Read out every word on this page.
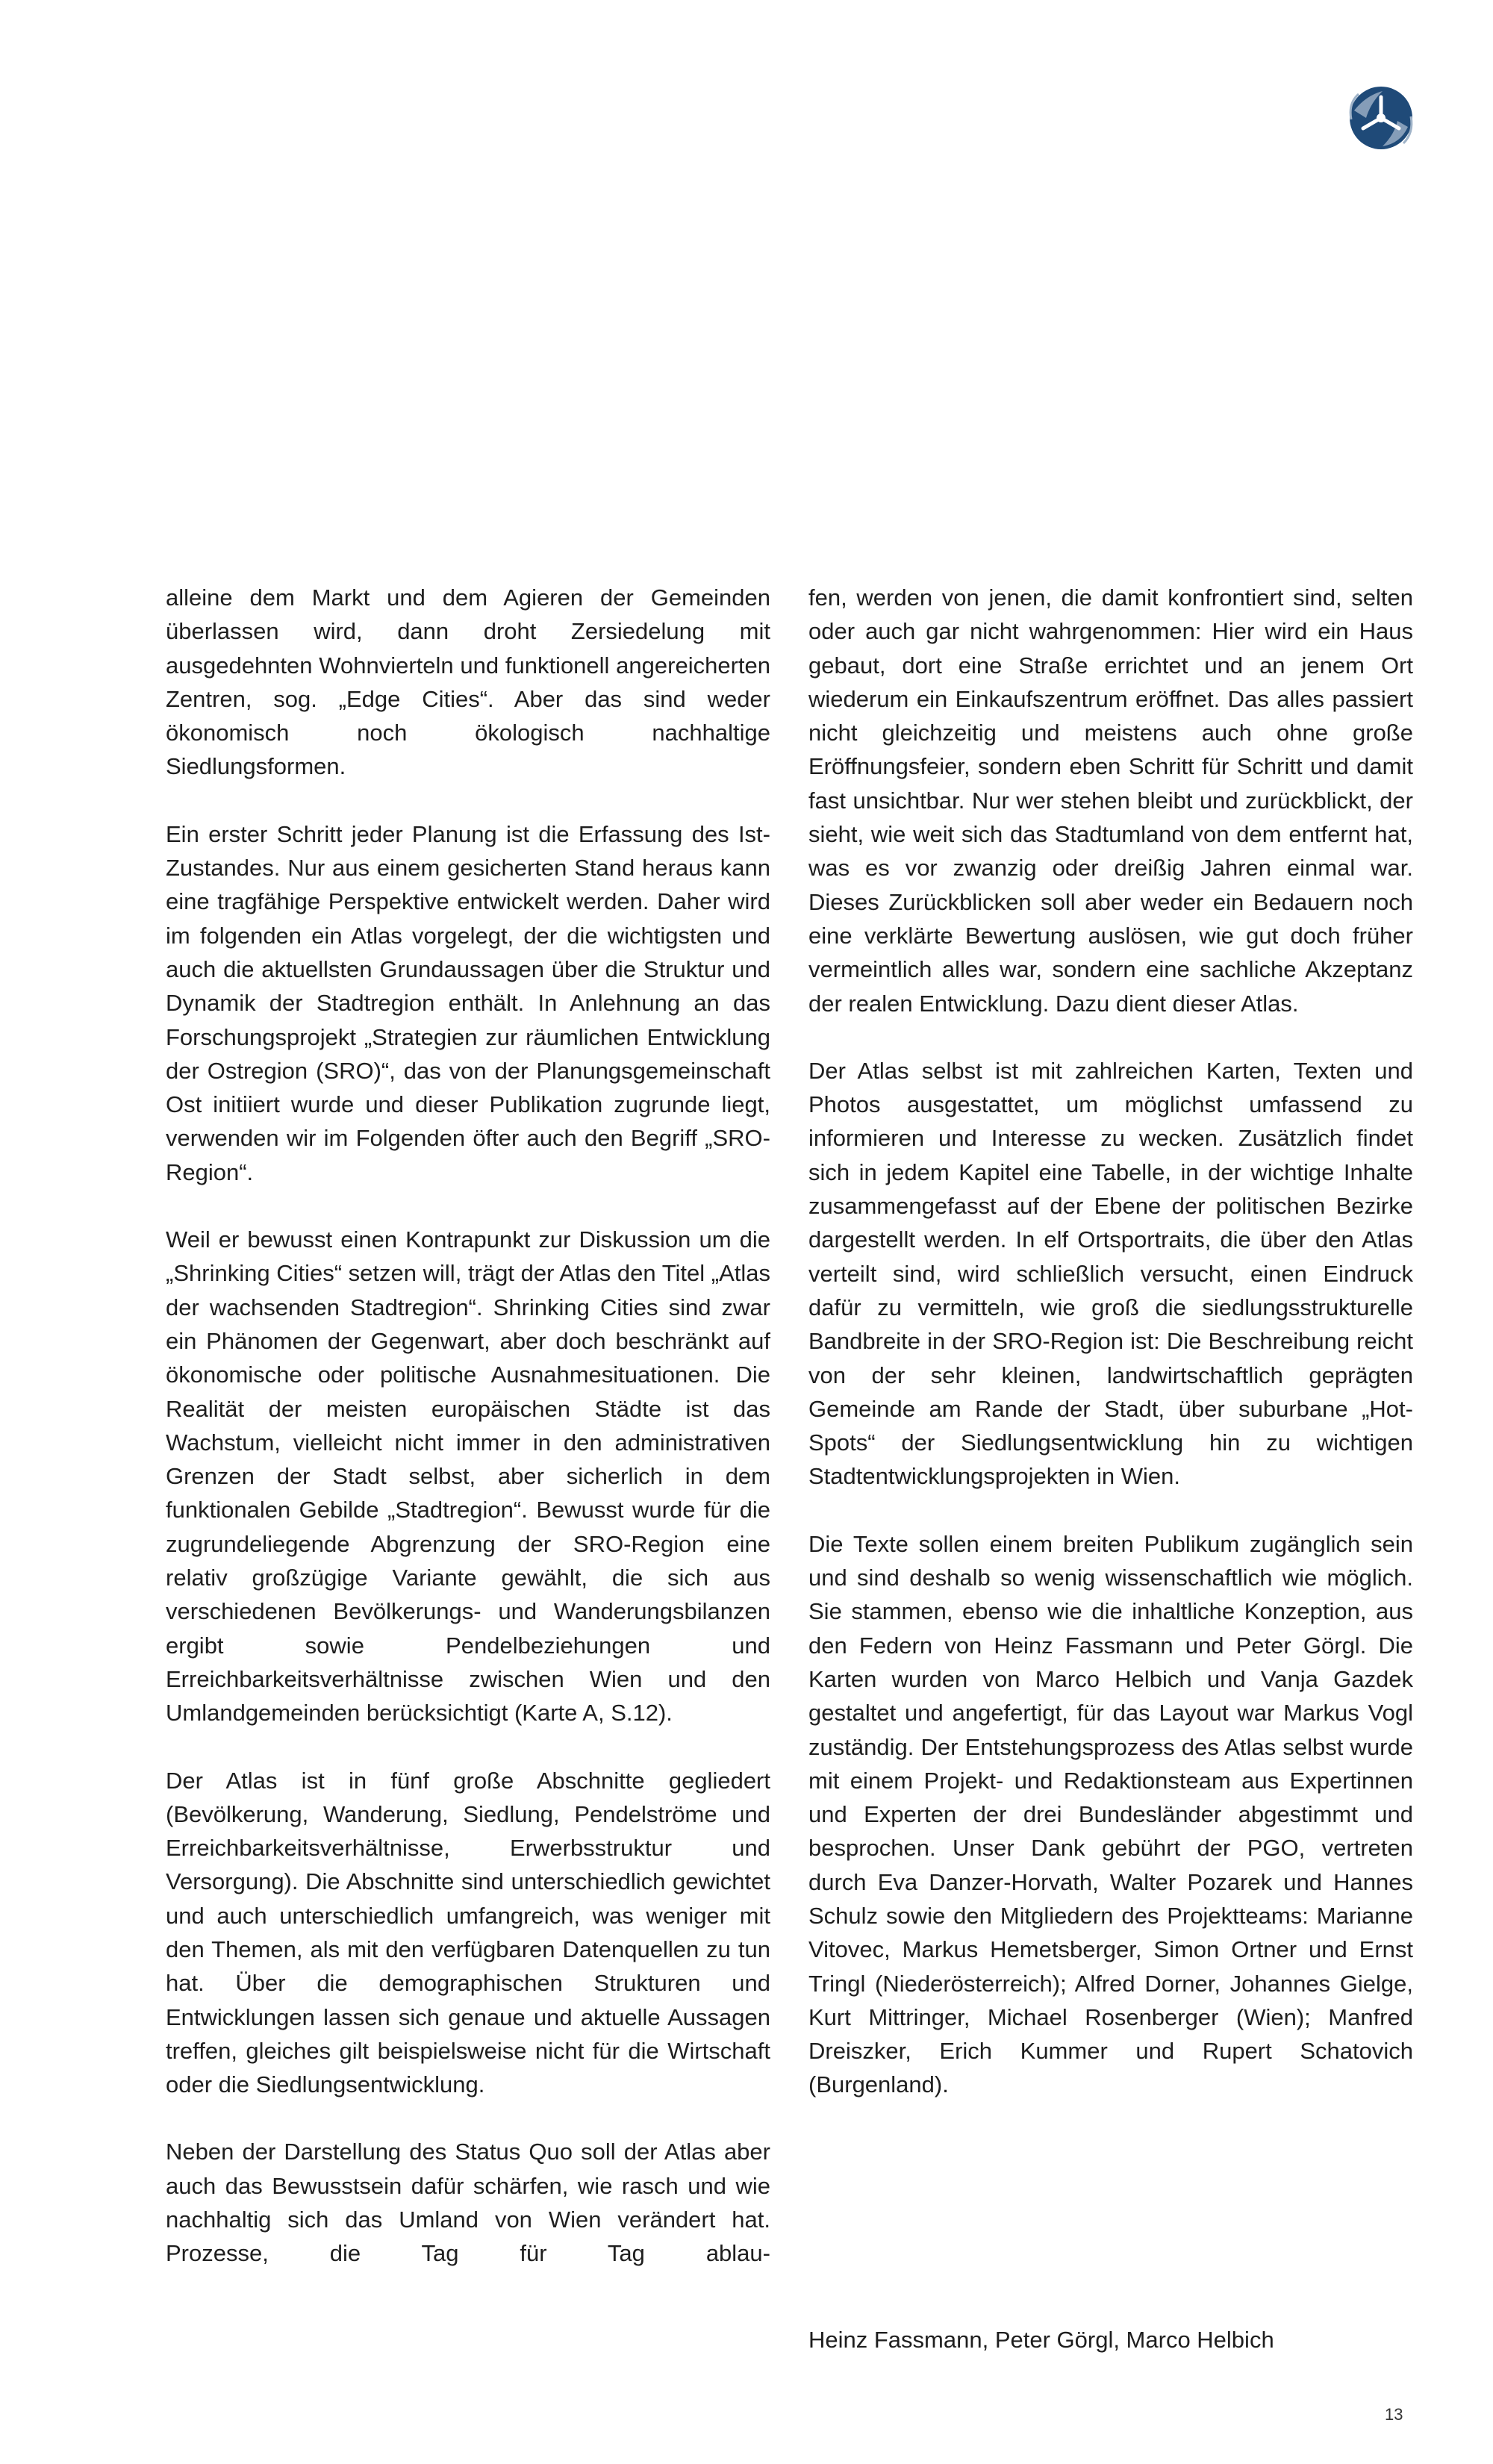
alleine dem Markt und dem Agieren der Gemeinden überlassen wird, dann droht Zersiedelung mit ausgedehnten Wohnvierteln und funktionell angereicherten Zentren, sog. „Edge Cities“. Aber das sind weder ökonomisch noch ökologisch nachhaltige Siedlungsformen.

Ein erster Schritt jeder Planung ist die Erfassung des Ist-Zustandes. Nur aus einem gesicherten Stand heraus kann eine tragfähige Perspektive entwickelt werden. Daher wird im folgenden ein Atlas vorgelegt, der die wichtigsten und auch die aktuellsten Grundaussagen über die Struktur und Dynamik der Stadtregion enthält. In Anlehnung an das Forschungsprojekt „Strategien zur räumlichen Entwicklung der Ostregion (SRO)“, das von der Planungsgemeinschaft Ost initiiert wurde und dieser Publikation zugrunde liegt, verwenden wir im Folgenden öfter auch den Begriff „SRO-Region“.

Weil er bewusst einen Kontrapunkt zur Diskussion um die „Shrinking Cities“ setzen will, trägt der Atlas den Titel „Atlas der wachsenden Stadtregion“. Shrinking Cities sind zwar ein Phänomen der Gegenwart, aber doch beschränkt auf ökonomische oder politische Ausnahmesituationen. Die Realität der meisten europäischen Städte ist das Wachstum, vielleicht nicht immer in den administrativen Grenzen der Stadt selbst, aber sicherlich in dem funktionalen Gebilde „Stadtregion“. Bewusst wurde für die zugrundeliegende Abgrenzung der SRO-Region eine relativ großzügige Variante gewählt, die sich aus verschiedenen Bevölkerungs- und Wanderungsbilanzen ergibt sowie Pendelbeziehungen und Erreichbarkeitsverhältnisse zwischen Wien und den Umlandgemeinden berücksichtigt (Karte A, S.12).

Der Atlas ist in fünf große Abschnitte gegliedert (Bevölkerung, Wanderung, Siedlung, Pendelströme und Erreichbarkeitsverhältnisse, Erwerbsstruktur und Versorgung). Die Abschnitte sind unterschiedlich gewichtet und auch unterschiedlich umfangreich, was weniger mit den Themen, als mit den verfügbaren Datenquellen zu tun hat. Über die demographischen Strukturen und Entwicklungen lassen sich genaue und aktuelle Aussagen treffen, gleiches gilt beispielsweise nicht für die Wirtschaft oder die Siedlungsentwicklung.

Neben der Darstellung des Status Quo soll der Atlas aber auch das Bewusstsein dafür schärfen, wie rasch und wie nachhaltig sich das Umland von Wien verändert hat. Prozesse, die Tag für Tag ablau-

fen, werden von jenen, die damit konfrontiert sind, selten oder auch gar nicht wahrgenommen: Hier wird ein Haus gebaut, dort eine Straße errichtet und an jenem Ort wiederum ein Einkaufszentrum eröffnet. Das alles passiert nicht gleichzeitig und meistens auch ohne große Eröffnungsfeier, sondern eben Schritt für Schritt und damit fast unsichtbar. Nur wer stehen bleibt und zurückblickt, der sieht, wie weit sich das Stadtumland von dem entfernt hat, was es vor zwanzig oder dreißig Jahren einmal war. Dieses Zurückblicken soll aber weder ein Bedauern noch eine verklärte Bewertung auslösen, wie gut doch früher vermeintlich alles war, sondern eine sachliche Akzeptanz der realen Entwicklung. Dazu dient dieser Atlas.

Der Atlas selbst ist mit zahlreichen Karten, Texten und Photos ausgestattet, um möglichst umfassend zu informieren und Interesse zu wecken. Zusätzlich findet sich in jedem Kapitel eine Tabelle, in der wichtige Inhalte zusammengefasst auf der Ebene der politischen Bezirke dargestellt werden. In elf Ortsportraits, die über den Atlas verteilt sind, wird schließlich versucht, einen Eindruck dafür zu vermitteln, wie groß die siedlungsstrukturelle Bandbreite in der SRO-Region ist: Die Beschreibung reicht von der sehr kleinen, landwirtschaftlich geprägten Gemeinde am Rande der Stadt, über suburbane „Hot-Spots“ der Siedlungsentwicklung hin zu wichtigen Stadtentwicklungsprojekten in Wien.

Die Texte sollen einem breiten Publikum zugänglich sein und sind deshalb so wenig wissenschaftlich wie möglich. Sie stammen, ebenso wie die inhaltliche Konzeption, aus den Federn von Heinz Fassmann und Peter Görgl. Die Karten wurden von Marco Helbich und Vanja Gazdek gestaltet und angefertigt, für das Layout war Markus Vogl zuständig. Der Entstehungsprozess des Atlas selbst wurde mit einem Projekt- und Redaktionsteam aus Expertinnen und Experten der drei Bundesländer abgestimmt und besprochen. Unser Dank gebührt der PGO, vertreten durch Eva Danzer-Horvath, Walter Pozarek und Hannes Schulz sowie den Mitgliedern des Projektteams: Marianne Vitovec, Markus Hemetsberger, Simon Ortner und Ernst Tringl (Niederösterreich); Alfred Dorner, Johannes Gielge, Kurt Mittringer, Michael Rosenberger (Wien); Manfred Dreiszker, Erich Kummer und Rupert Schatovich (Burgenland).

Heinz Fassmann, Peter Görgl, Marco Helbich
13
